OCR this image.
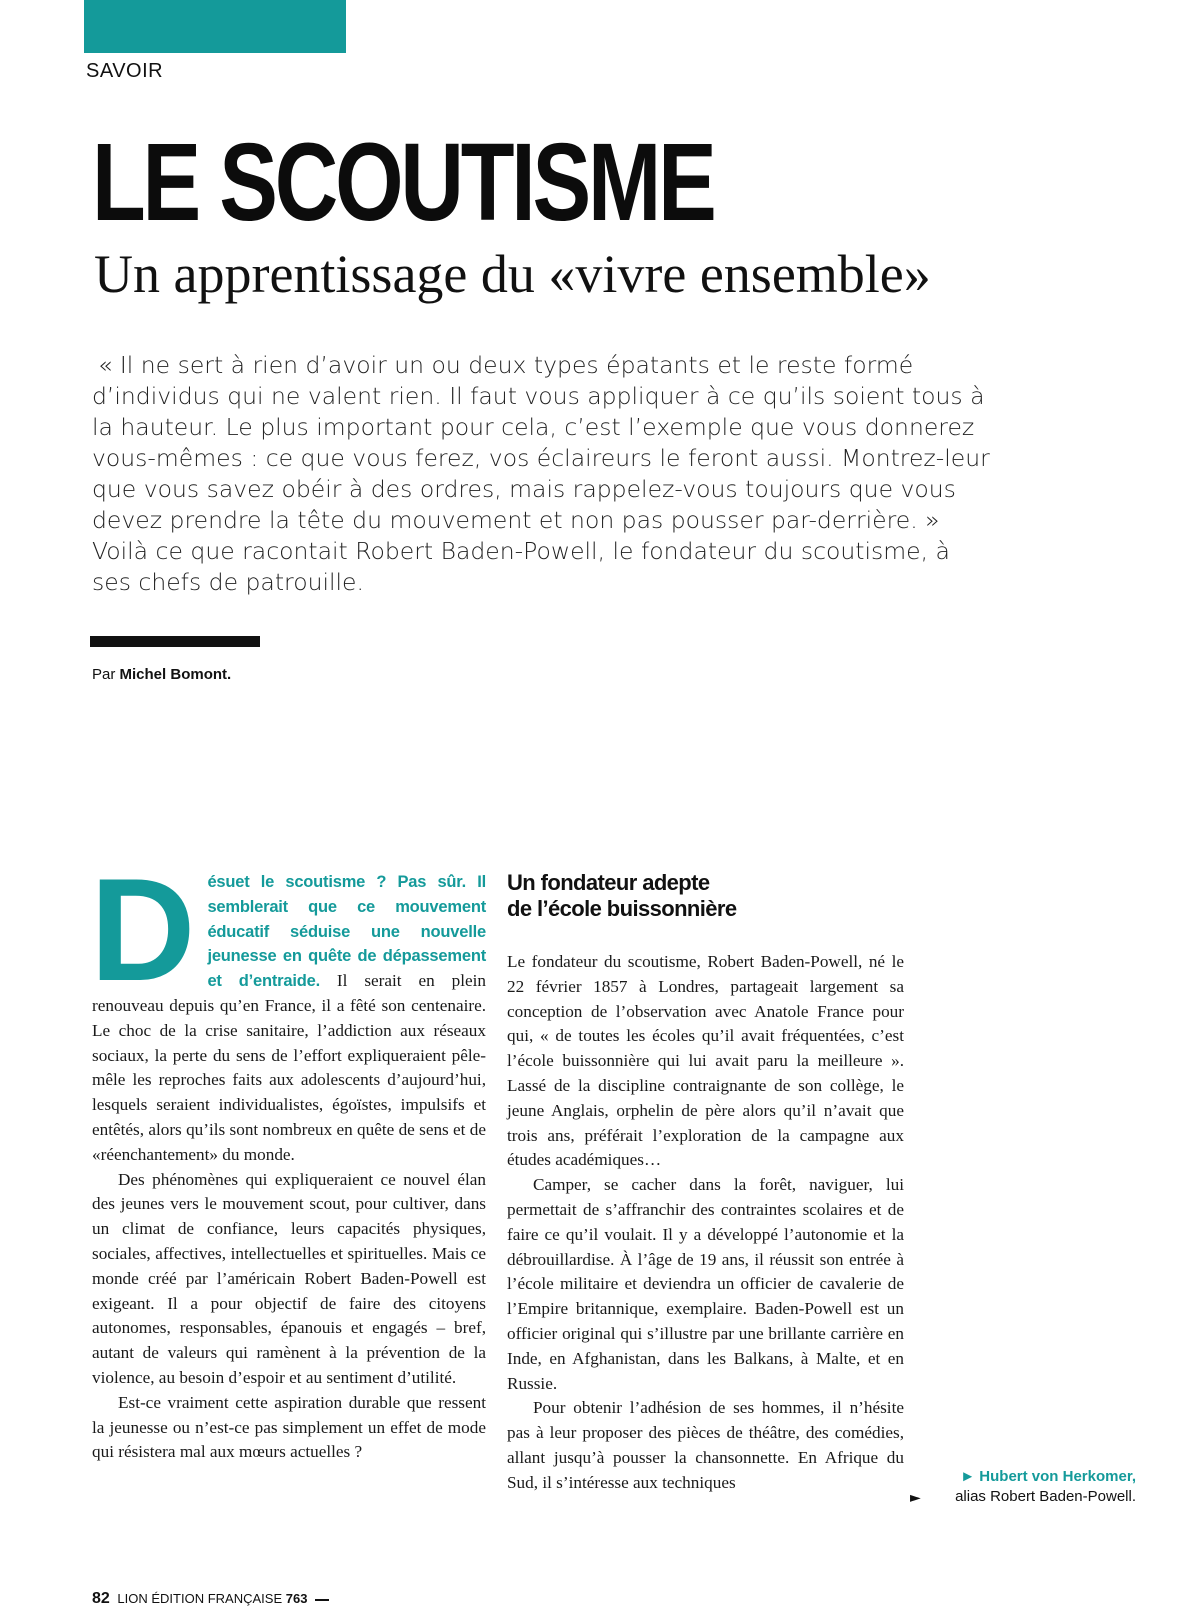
SAVOIR
LE SCOUTISME
Un apprentissage du «vivre ensemble»

« Il ne sert à rien d’avoir un ou deux types épatants et le reste formé d’individus qui ne valent rien. Il faut vous appliquer à ce qu’ils soient tous à la hauteur. Le plus important pour cela, c’est l’exemple que vous donnerez vous-mêmes : ce que vous ferez, vos éclaireurs le feront aussi. Montrez-leur que vous savez obéir à des ordres, mais rappelez-vous toujours que vous devez prendre la tête du mouvement et non pas pousser par-derrière. » Voilà ce que racontait Robert Baden-Powell, le fondateur du scoutisme, à ses chefs de patrouille.

Par Michel Bomont.

Désuet le scoutisme ? Pas sûr. Il semblerait que ce mouvement éducatif séduise une nouvelle jeunesse en quête de dépassement et d’entraide. Il serait en plein renouveau depuis qu’en France, il a fêté son centenaire. Le choc de la crise sanitaire, l’addiction aux réseaux sociaux, la perte du sens de l’effort expliqueraient pêle-mêle les reproches faits aux adolescents d’aujourd’hui, lesquels seraient individualistes, égoïstes, impulsifs et entêtés, alors qu’ils sont nombreux en quête de sens et de «réenchantement» du monde.

Des phénomènes qui expliqueraient ce nouvel élan des jeunes vers le mouvement scout, pour cultiver, dans un climat de confiance, leurs capacités physiques, sociales, affectives, intellectuelles et spirituelles. Mais ce monde créé par l’américain Robert Baden-Powell est exigeant. Il a pour objectif de faire des citoyens autonomes, responsables, épanouis et engagés – bref, autant de valeurs qui ramènent à la prévention de la violence, au besoin d’espoir et au sentiment d’utilité.

Est-ce vraiment cette aspiration durable que ressent la jeunesse ou n’est-ce pas simplement un effet de mode qui résistera mal aux mœurs actuelles ?

Un fondateur adepte
de l’école buissonnière

Le fondateur du scoutisme, Robert Baden-Powell, né le 22 février 1857 à Londres, partageait largement sa conception de l’observation avec Anatole France pour qui, « de toutes les écoles qu’il avait fréquentées, c’est l’école buissonnière qui lui avait paru la meilleure ». Lassé de la discipline contraignante de son collège, le jeune Anglais, orphelin de père alors qu’il n’avait que trois ans, préférait l’exploration de la campagne aux études académiques…

Camper, se cacher dans la forêt, naviguer, lui permettait de s’affranchir des contraintes scolaires et de faire ce qu’il voulait. Il y a développé l’autonomie et la débrouillardise. À l’âge de 19 ans, il réussit son entrée à l’école militaire et deviendra un officier de cavalerie de l’Empire britannique, exemplaire. Baden-Powell est un officier original qui s’illustre par une brillante carrière en Inde, en Afghanistan, dans les Balkans, à Malte, et en Russie.

Pour obtenir l’adhésion de ses hommes, il n’hésite pas à leur proposer des pièces de théâtre, des comédies, allant jusqu’à pousser la chansonnette. En Afrique du Sud, il s’intéresse aux techniques

►
► Hubert von Herkomer,
alias Robert Baden-Powell.
82 LION ÉDITION FRANÇAISE 763
